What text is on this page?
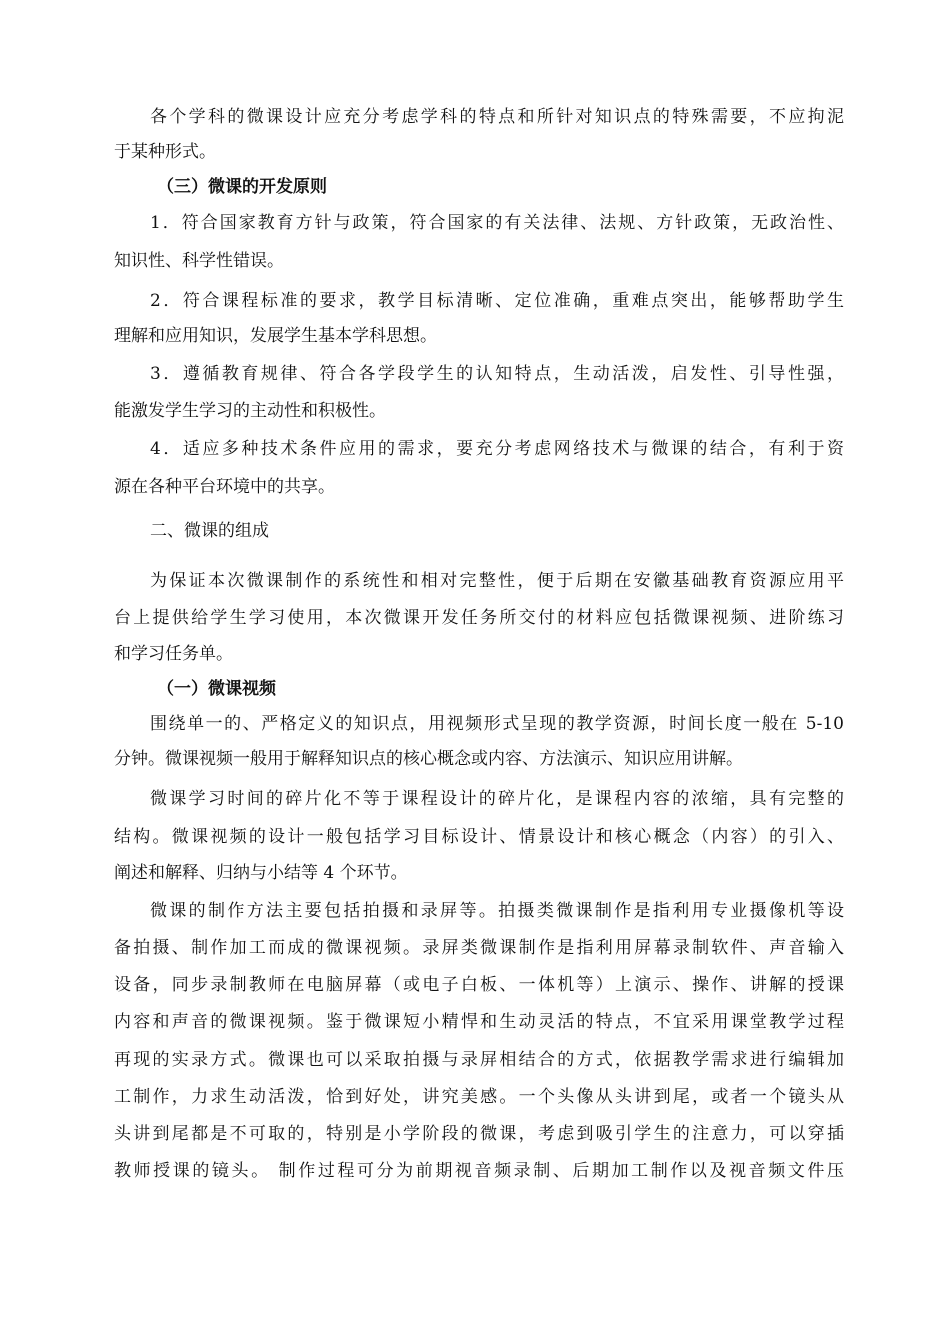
各个学科的微课设计应充分考虑学科的特点和所针对知识点的特殊需要，不应拘泥
于某种形式。
（三）微课的开发原则
1．符合国家教育方针与政策，符合国家的有关法律、法规、方针政策，无政治性、
知识性、科学性错误。
2．符合课程标准的要求，教学目标清晰、定位准确，重难点突出，能够帮助学生
理解和应用知识，发展学生基本学科思想。
3．遵循教育规律、符合各学段学生的认知特点，生动活泼，启发性、引导性强，
能激发学生学习的主动性和积极性。
4．适应多种技术条件应用的需求，要充分考虑网络技术与微课的结合，有利于资
源在各种平台环境中的共享。
二、微课的组成
为保证本次微课制作的系统性和相对完整性，便于后期在安徽基础教育资源应用平
台上提供给学生学习使用，本次微课开发任务所交付的材料应包括微课视频、进阶练习
和学习任务单。
（一）微课视频
围绕单一的、严格定义的知识点，用视频形式呈现的教学资源，时间长度一般在 5-10
分钟。微课视频一般用于解释知识点的核心概念或内容、方法演示、知识应用讲解。
微课学习时间的碎片化不等于课程设计的碎片化，是课程内容的浓缩，具有完整的
结构。微课视频的设计一般包括学习目标设计、情景设计和核心概念（内容）的引入、
阐述和解释、归纳与小结等 4 个环节。
微课的制作方法主要包括拍摄和录屏等。拍摄类微课制作是指利用专业摄像机等设
备拍摄、制作加工而成的微课视频。录屏类微课制作是指利用屏幕录制软件、声音输入
设备，同步录制教师在电脑屏幕（或电子白板、一体机等）上演示、操作、讲解的授课
内容和声音的微课视频。鉴于微课短小精悍和生动灵活的特点，不宜采用课堂教学过程
再现的实录方式。微课也可以采取拍摄与录屏相结合的方式，依据教学需求进行编辑加
工制作，力求生动活泼，恰到好处，讲究美感。一个头像从头讲到尾，或者一个镜头从
头讲到尾都是不可取的，特别是小学阶段的微课，考虑到吸引学生的注意力，可以穿插
教师授课的镜头。 制作过程可分为前期视音频录制、后期加工制作以及视音频文件压
